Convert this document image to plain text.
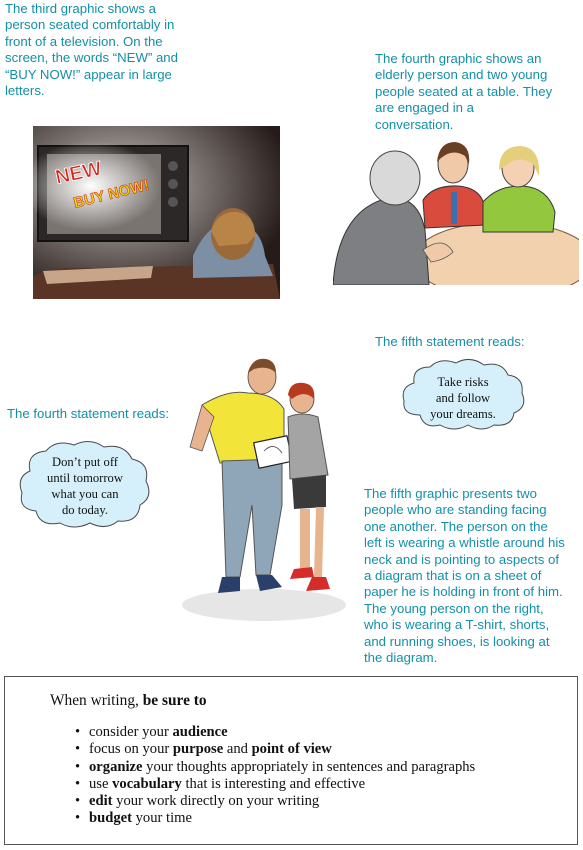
The third graphic shows a person seated comfortably in front of a television. On the screen, the words “NEW” and “BUY NOW!” appear in large letters.
The fourth graphic shows an elderly person and two young people seated at a table. They are engaged in a conversation.
NEW
BUY NOW!
The fifth statement reads:
Take risks
and follow
your dreams.
The fourth statement reads:
Don’t put off
until tomorrow
what you can
do today.
The fifth graphic presents two people who are standing facing one another. The person on the left is wearing a whistle around his neck and is pointing to aspects of a diagram that is on a sheet of paper he is holding in front of him. The young person on the right, who is wearing a T-shirt, shorts, and running shoes, is looking at the diagram.
When writing, be sure to
• consider your audience
• focus on your purpose and point of view
• organize your thoughts appropriately in sentences and paragraphs
• use vocabulary that is interesting and effective
• edit your work directly on your writing
• budget your time
